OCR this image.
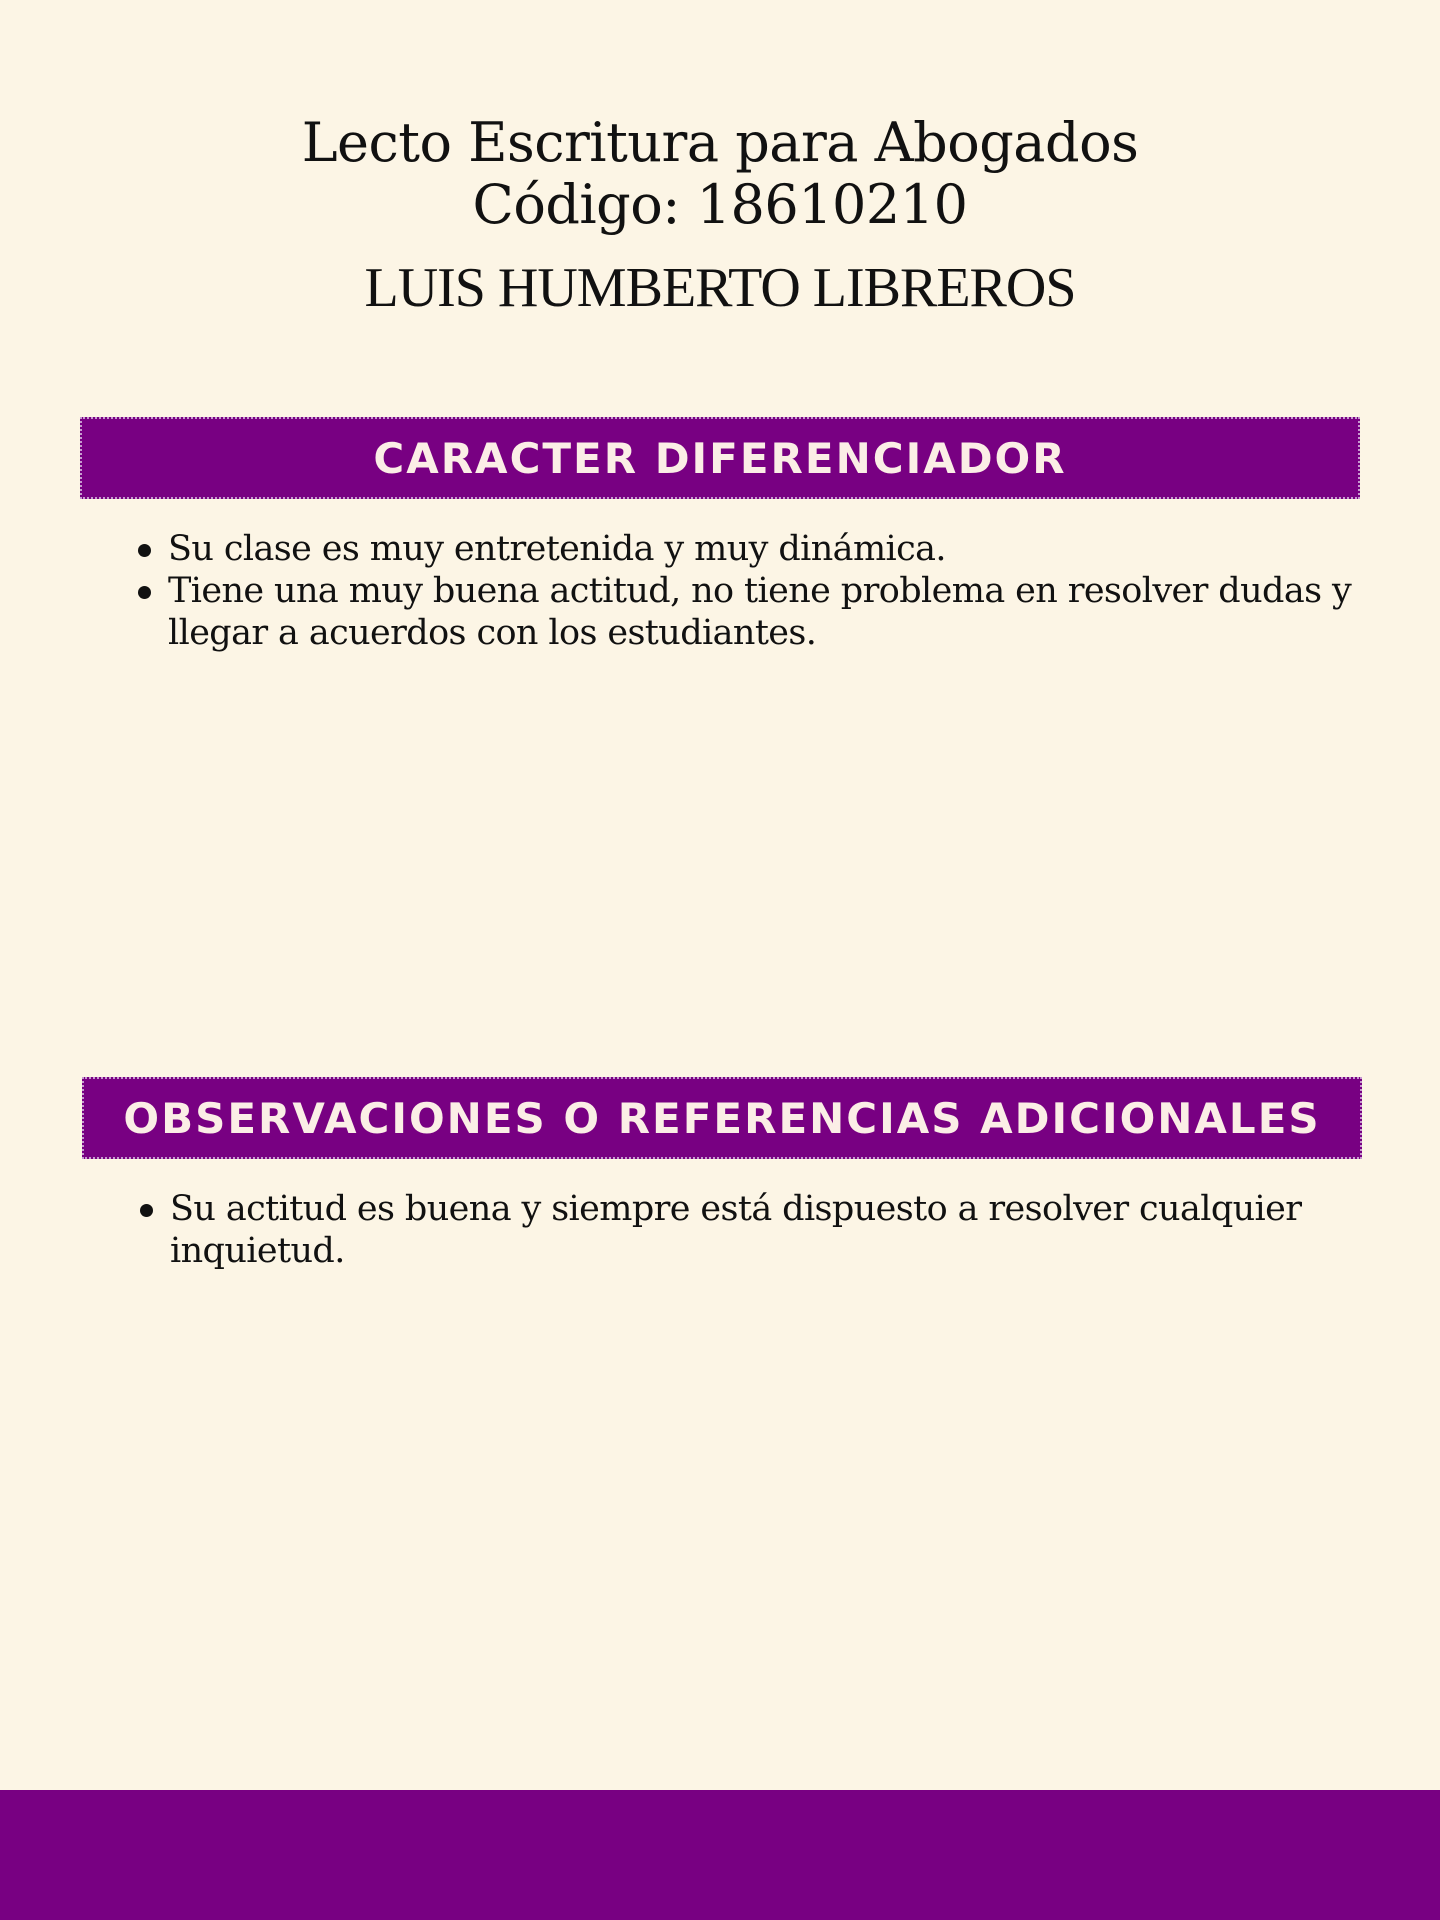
Lecto Escritura para Abogados
Código: 18610210
LUIS HUMBERTO LIBREROS
CARACTER DIFERENCIADOR
Su clase es muy entretenida y muy dinámica.
Tiene una muy buena actitud, no tiene problema en resolver dudas y llegar a acuerdos con los estudiantes.
OBSERVACIONES O REFERENCIAS ADICIONALES
Su actitud es buena y siempre está dispuesto a resolver cualquier inquietud.
